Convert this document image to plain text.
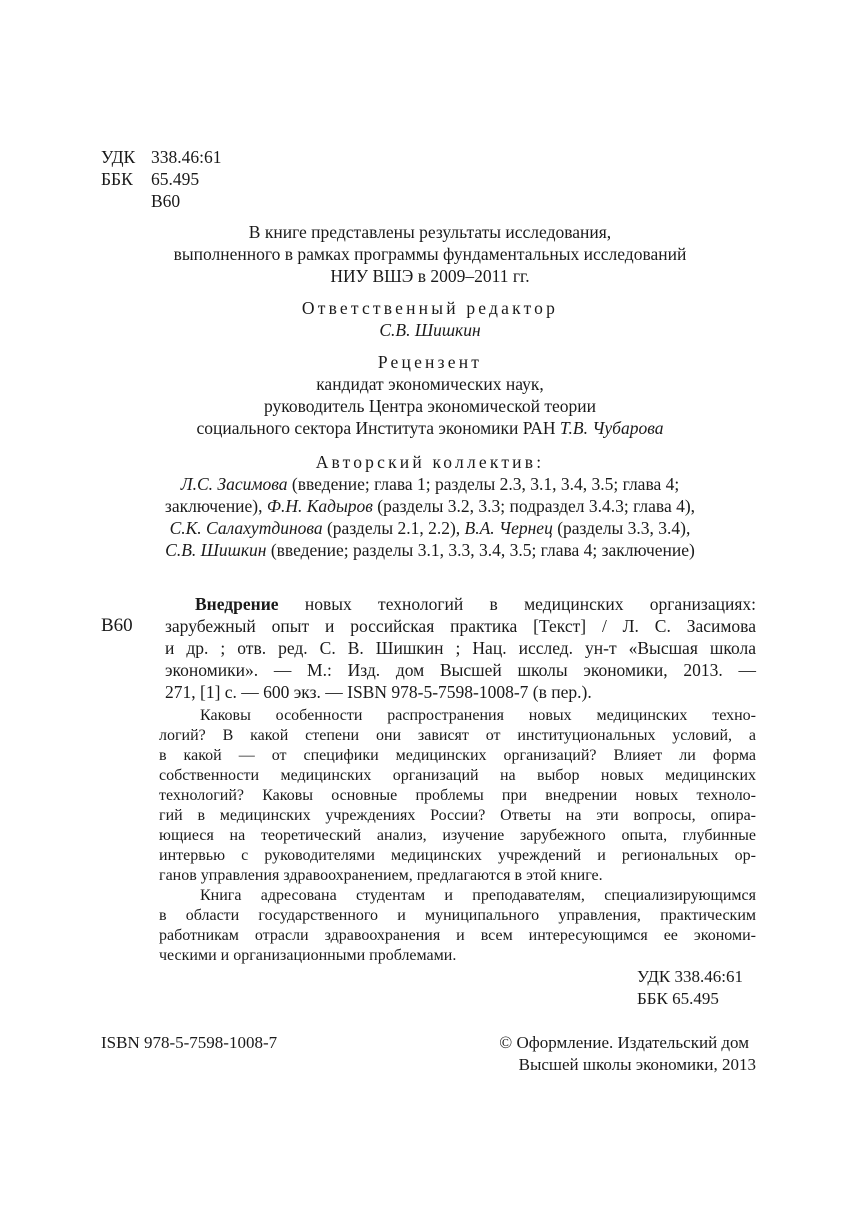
УДК 338.46:61
ББК 65.495
В60
В книге представлены результаты исследования,
выполненного в рамках программы фундаментальных исследований
НИУ ВШЭ в 2009–2011 гг.
Ответственный редактор
С.В. Шишкин
Рецензент
кандидат экономических наук,
руководитель Центра экономической теории
социального сектора Института экономики РАН Т.В. Чубарова
Авторский коллектив:
Л.С. Засимова (введение; глава 1; разделы 2.3, 3.1, 3.4, 3.5; глава 4;
заключение), Ф.Н. Кадыров (разделы 3.2, 3.3; подраздел 3.4.3; глава 4),
С.К. Салахутдинова (разделы 2.1, 2.2), В.А. Чернец (разделы 3.3, 3.4),
С.В. Шишкин (введение; разделы 3.1, 3.3, 3.4, 3.5; глава 4; заключение)
В60
Внедрение новых технологий в медицинских организациях:
зарубежный опыт и российская практика [Текст] / Л. С. Засимова
и др. ; отв. ред. С. В. Шишкин ; Нац. исслед. ун-т «Высшая школа
экономики». — М.: Изд. дом Высшей школы экономики, 2013. —
271, [1] с. — 600 экз. — ISBN 978-5-7598-1008-7 (в пер.).
Каковы особенности распространения новых медицинских техно-
логий? В какой степени они зависят от институциональных условий, а
в какой — от специфики медицинских организаций? Влияет ли форма
собственности медицинских организаций на выбор новых медицинских
технологий? Каковы основные проблемы при внедрении новых техноло-
гий в медицинских учреждениях России? Ответы на эти вопросы, опира-
ющиеся на теоретический анализ, изучение зарубежного опыта, глубинные
интервью с руководителями медицинских учреждений и региональных ор-
ганов управления здравоохранением, предлагаются в этой книге.
Книга адресована студентам и преподавателям, специализирующимся
в области государственного и муниципального управления, практическим
работникам отрасли здравоохранения и всем интересующимся ее экономи-
ческими и организационными проблемами.
УДК 338.46:61
ББК 65.495
ISBN 978-5-7598-1008-7	© Оформление. Издательский дом
Высшей школы экономики, 2013
